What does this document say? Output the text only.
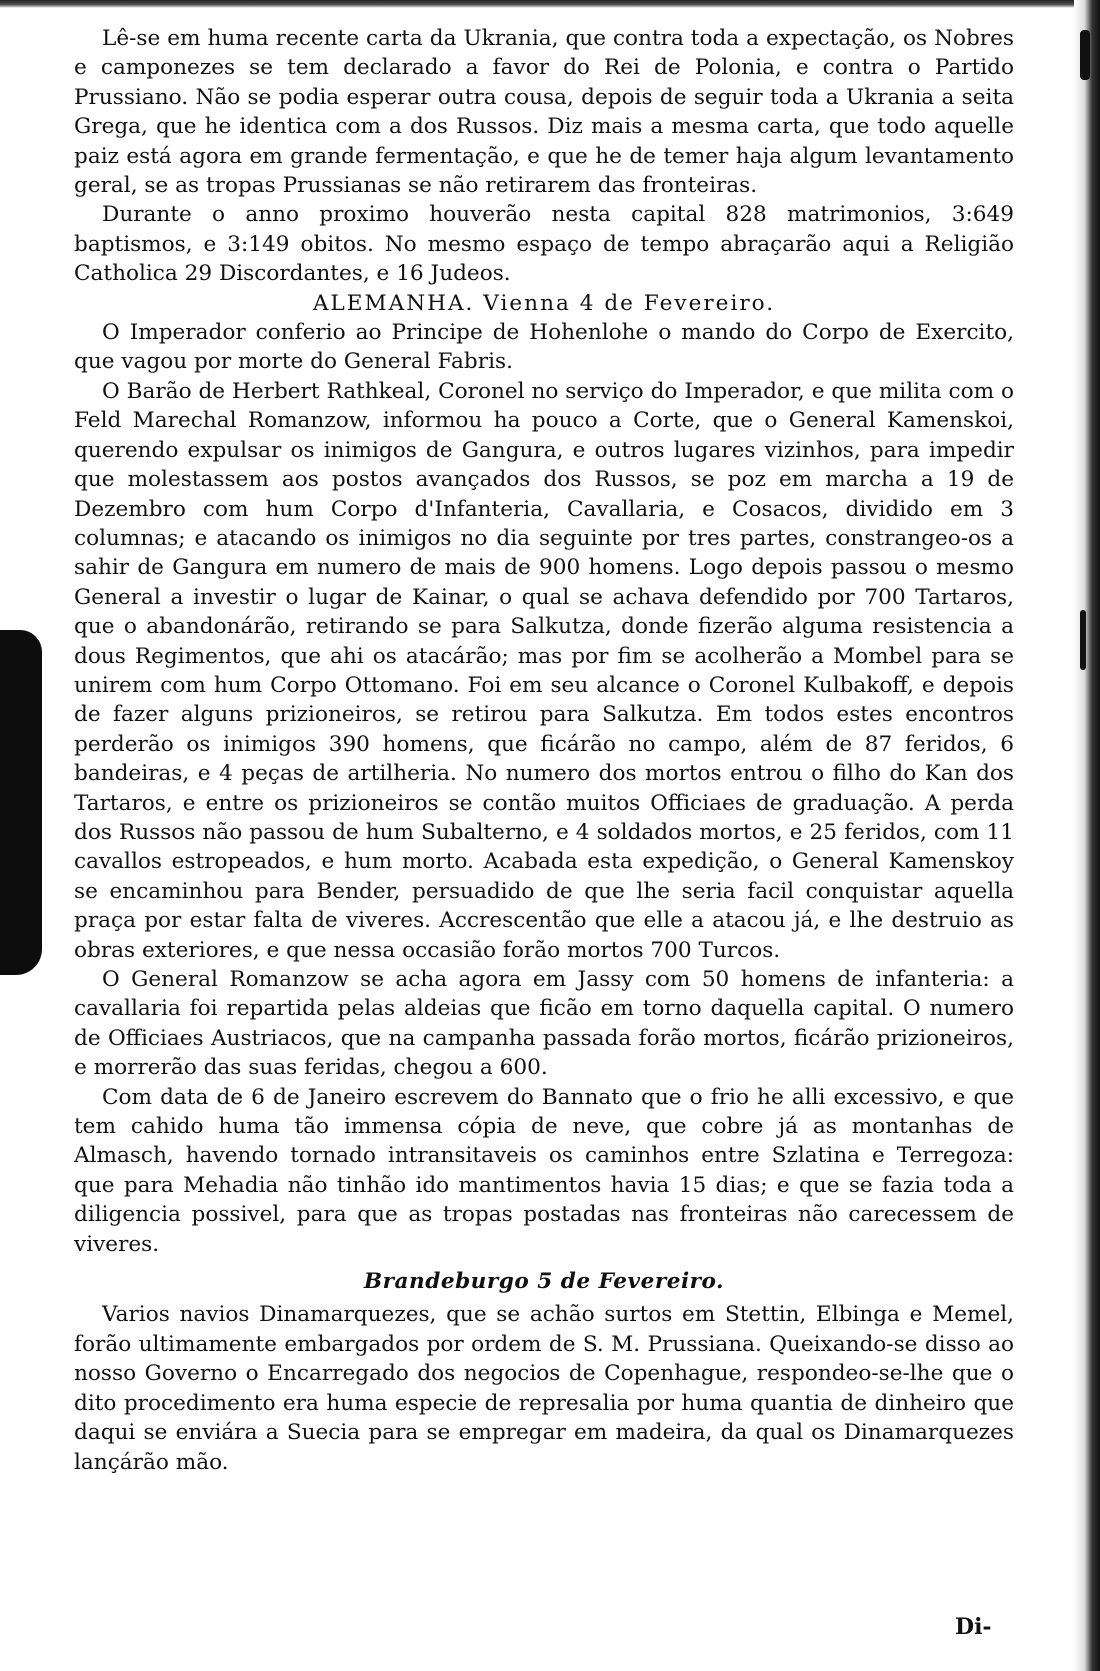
Lê-se em huma recente carta da Ukrania, que contra toda a expectação, os Nobres e camponezes se tem declarado a favor do Rei de Polonia, e contra o Partido Prussiano. Não se podia esperar outra cousa, depois de seguir toda a Ukrania a seita Grega, que he identica com a dos Russos. Diz mais a mesma carta, que todo aquelle paiz está agora em grande fermentação, e que he de temer haja algum levantamento geral, se as tropas Prussianas se não retirarem das fronteiras.

Durante o anno proximo houverão nesta capital 828 matrimonios, 3:649 baptismos, e 3:149 obitos. No mesmo espaço de tempo abraçarão aqui a Religião Catholica 29 Discordantes, e 16 Judeos.

ALEMANHA. Vienna 4 de Fevereiro.

O Imperador conferio ao Principe de Hohenlohe o mando do Corpo de Exercito, que vagou por morte do General Fabris.

O Barão de Herbert Rathkeal, Coronel no serviço do Imperador, e que milita com o Feld Marechal Romanzow, informou ha pouco a Corte, que o General Kamenskoi, querendo expulsar os inimigos de Gangura, e outros lugares vizinhos, para impedir que molestassem aos postos avançados dos Russos, se poz em marcha a 19 de Dezembro com hum Corpo d'Infanteria, Cavallaria, e Cosacos, dividido em 3 columnas; e atacando os inimigos no dia seguinte por tres partes, constrangeo-os a sahir de Gangura em numero de mais de 900 homens. Logo depois passou o mesmo General a investir o lugar de Kainar, o qual se achava defendido por 700 Tartaros, que o abandonárão, retirando se para Salkutza, donde fizerão alguma resistencia a dous Regimentos, que ahi os atacárão; mas por fim se acolherão a Mombel para se unirem com hum Corpo Ottomano. Foi em seu alcance o Coronel Kulbakoff, e depois de fazer alguns prizioneiros, se retirou para Salkutza. Em todos estes encontros perderão os inimigos 390 homens, que ficárão no campo, além de 87 feridos, 6 bandeiras, e 4 peças de artilheria. No numero dos mortos entrou o filho do Kan dos Tartaros, e entre os prizioneiros se contão muitos Officiaes de graduação. A perda dos Russos não passou de hum Subalterno, e 4 soldados mortos, e 25 feridos, com 11 cavallos estropeados, e hum morto. Acabada esta expedição, o General Kamenskoy se encaminhou para Bender, persuadido de que lhe seria facil conquistar aquella praça por estar falta de viveres. Accrescentão que elle a atacou já, e lhe destruio as obras exteriores, e que nessa occasião forão mortos 700 Turcos.

O General Romanzow se acha agora em Jassy com 50 homens de infanteria: a cavallaria foi repartida pelas aldeias que ficão em torno daquella capital. O numero de Officiaes Austriacos, que na campanha passada forão mortos, ficárão prizioneiros, e morrerão das suas feridas, chegou a 600.

Com data de 6 de Janeiro escrevem do Bannato que o frio he alli excessivo, e que tem cahido huma tão immensa cópia de neve, que cobre já as montanhas de Almasch, havendo tornado intransitaveis os caminhos entre Szlatina e Terregoza: que para Mehadia não tinhão ido mantimentos havia 15 dias; e que se fazia toda a diligencia possivel, para que as tropas postadas nas fronteiras não carecessem de viveres.

Brandeburgo 5 de Fevereiro.

Varios navios Dinamarquezes, que se achão surtos em Stettin, Elbinga e Memel, forão ultimamente embargados por ordem de S. M. Prussiana. Queixando-se disso ao nosso Governo o Encarregado dos negocios de Copenhague, respondeo-se-lhe que o dito procedimento era huma especie de represalia por huma quantia de dinheiro que daqui se enviára a Suecia para se empregar em madeira, da qual os Dinamarquezes lançárão mão.

Di-
